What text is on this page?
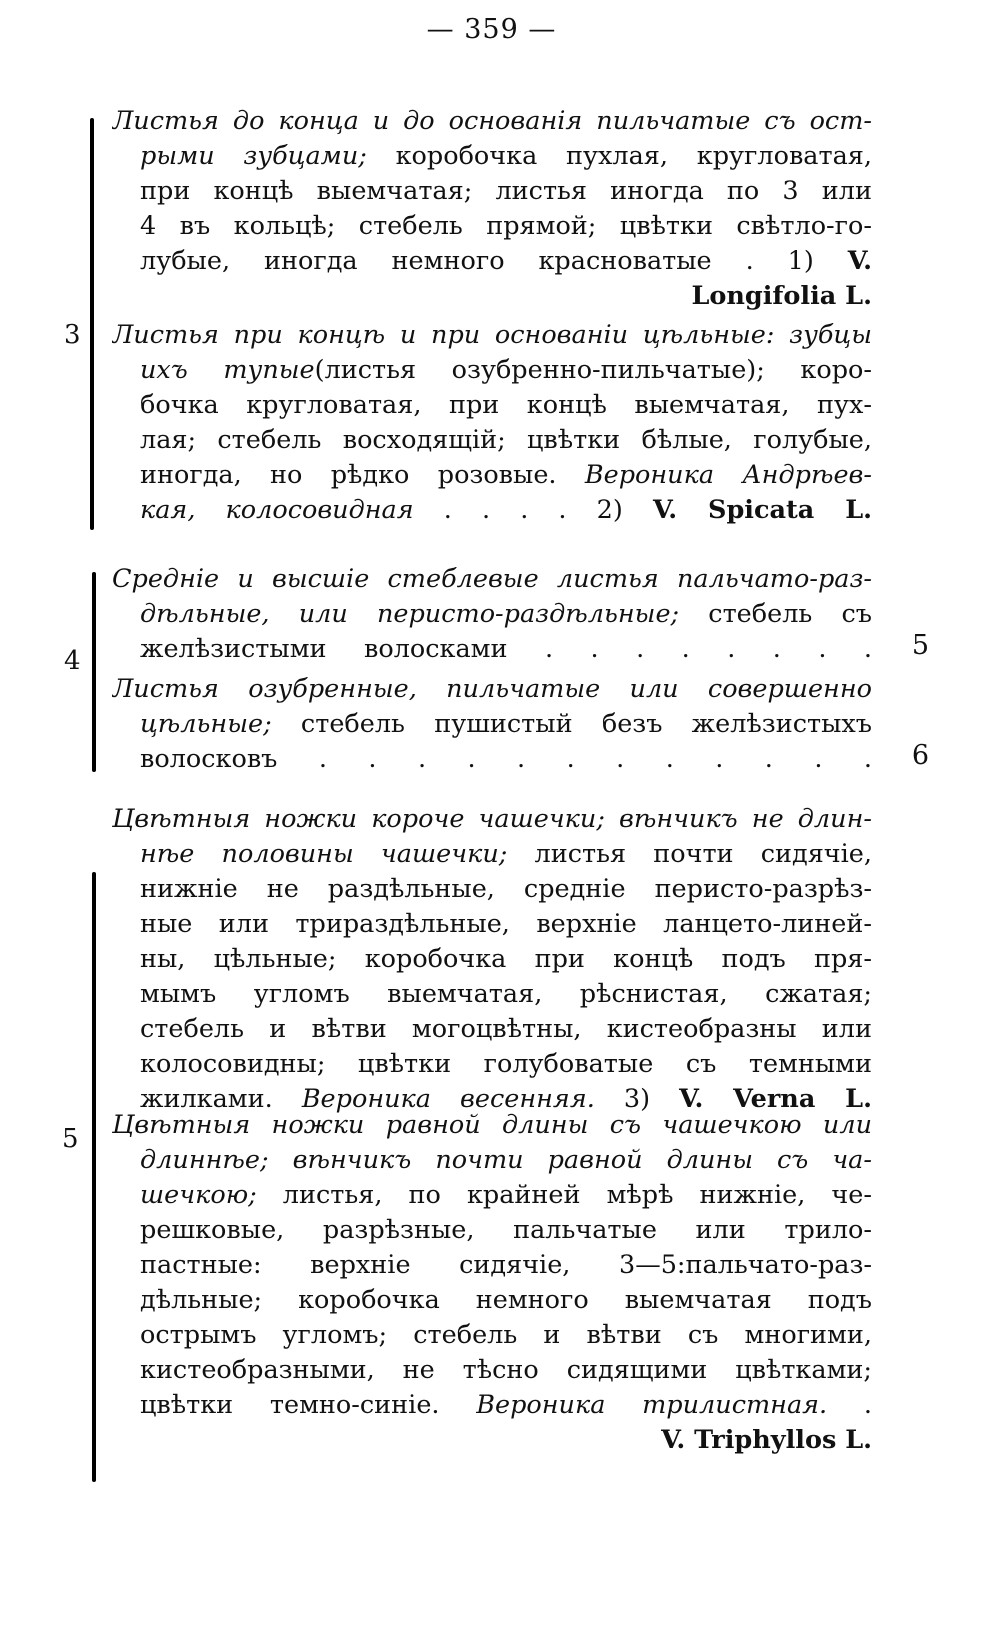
— 359 —
3
Листья до конца и до основанія пильчатые съ ост-
рыми зубцами; коробочка пухлая, кругловатая,
при концѣ выемчатая; листья иногда по 3 или
4 въ кольцѣ; стебель прямой; цвѣтки свѣтло-го-
лубые, иногда немного красноватые . 1) V.
Longifolia L.
Листья при концѣ и при основаніи цѣльные: зубцы
ихъ тупые(листья озубренно-пильчатые); коро-
бочка кругловатая, при концѣ выемчатая, пух-
лая; стебель восходящій; цвѣтки бѣлые, голубые,
иногда, но рѣдко розовые. Вероника Андрѣев-
кая, колосовидная . . . . 2) V. Spicata L.
4
Средніе и высшіе стеблевые листья пальчато-раз-
дѣльные, или перисто-раздѣльные; стебель съ
желѣзистыми волосками . . . . . . . . 5
Листья озубренные, пильчатые или совершенно
цѣльные; стебель пушистый безъ желѣзистыхъ
волосковъ . . . . . . . . . . . . 6
5
Цвѣтныя ножки короче чашечки; вѣнчикъ не длин-
нѣе половины чашечки; листья почти сидячіе,
нижніе не раздѣльные, средніе перисто-разрѣз-
ные или трираздѣльные, верхніе ланцето-линей-
ны, цѣльные; коробочка при концѣ подъ пря-
мымъ угломъ выемчатая, рѣснистая, сжатая;
стебель и вѣтви могоцвѣтны, кистеобразны или
колосовидны; цвѣтки голубоватые съ темными
жилками. Вероника весенняя. 3) V. Verna L.
Цвѣтныя ножки равной длины съ чашечкою или
длиннѣе; вѣнчикъ почти равной длины съ ча-
шечкою; листья, по крайней мѣрѣ нижніе, че-
решковые, разрѣзные, пальчатые или трило-
пастные: верхніе сидячіе, 3—5:пальчато-раз-
дѣльные; коробочка немного выемчатая подъ
острымъ угломъ; стебель и вѣтви съ многими,
кистеобразными, не тѣсно сидящими цвѣтками;
цвѣтки темно-синіе. Вероника трилистная. .
V. Triphyllos L.
